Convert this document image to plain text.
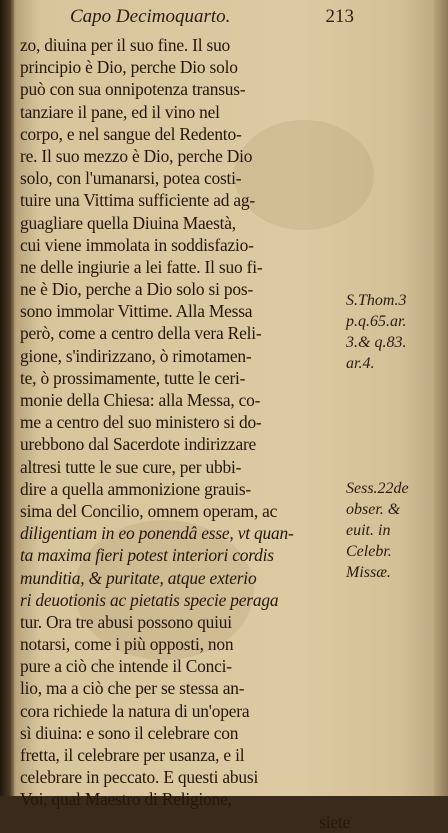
Capo Decimoquarto.	213
zo, diuina per il suo fine. Il suo
principio è Dio, perche Dio solo
può con sua onnipotenza transus-
tanziare il pane, ed il vino nel
corpo, e nel sangue del Redento-
re. Il suo mezzo è Dio, perche Dio
solo, con l'umanarsi, potea costi-
tuire una Vittima sufficiente ad ag-
guagliare quella Diuina Maestà,
cui viene immolata in soddisfazio-
ne delle ingiurie a lei fatte. Il suo fi-
ne è Dio, perche a Dio solo si pos-
sono immolar Vittime. Alla Messa
però, come a centro della vera Reli-
gione, s'indirizzano, ò rimotamen-
te, ò prossimamente, tutte le ceri-
monie della Chiesa: alla Messa, co-
me a centro del suo ministero si do-
urebbono dal Sacerdote indirizzare
altresi tutte le sue cure, per ubbi-
dire a quella ammonizione grauis-
sima del Concilio, omnem operam, ac
diligentiam in eo ponendâ esse, vt quan-
ta maxima fieri potest interiori cordis
munditia, & puritate, atque exterio
ri deuotionis ac pietatis specie peraga
tur. Ora tre abusi possono quiui
notarsi, come i più opposti, non
pure a ciò che intende il Conci-
lio, ma a ciò che per se stessa an-
cora richiede la natura di un'opera
sì diuina: e sono il celebrare con
fretta, il celebrare per usanza, e il
celebrare in peccato. E questi abusi
Voi, qual Maestro di Religione,
siete
S.Thom.3
p.q.65.ar.
3.& q.83.
ar.4.
Sess.22de
obser. &
euit. in
Celebr.
Missæ.
